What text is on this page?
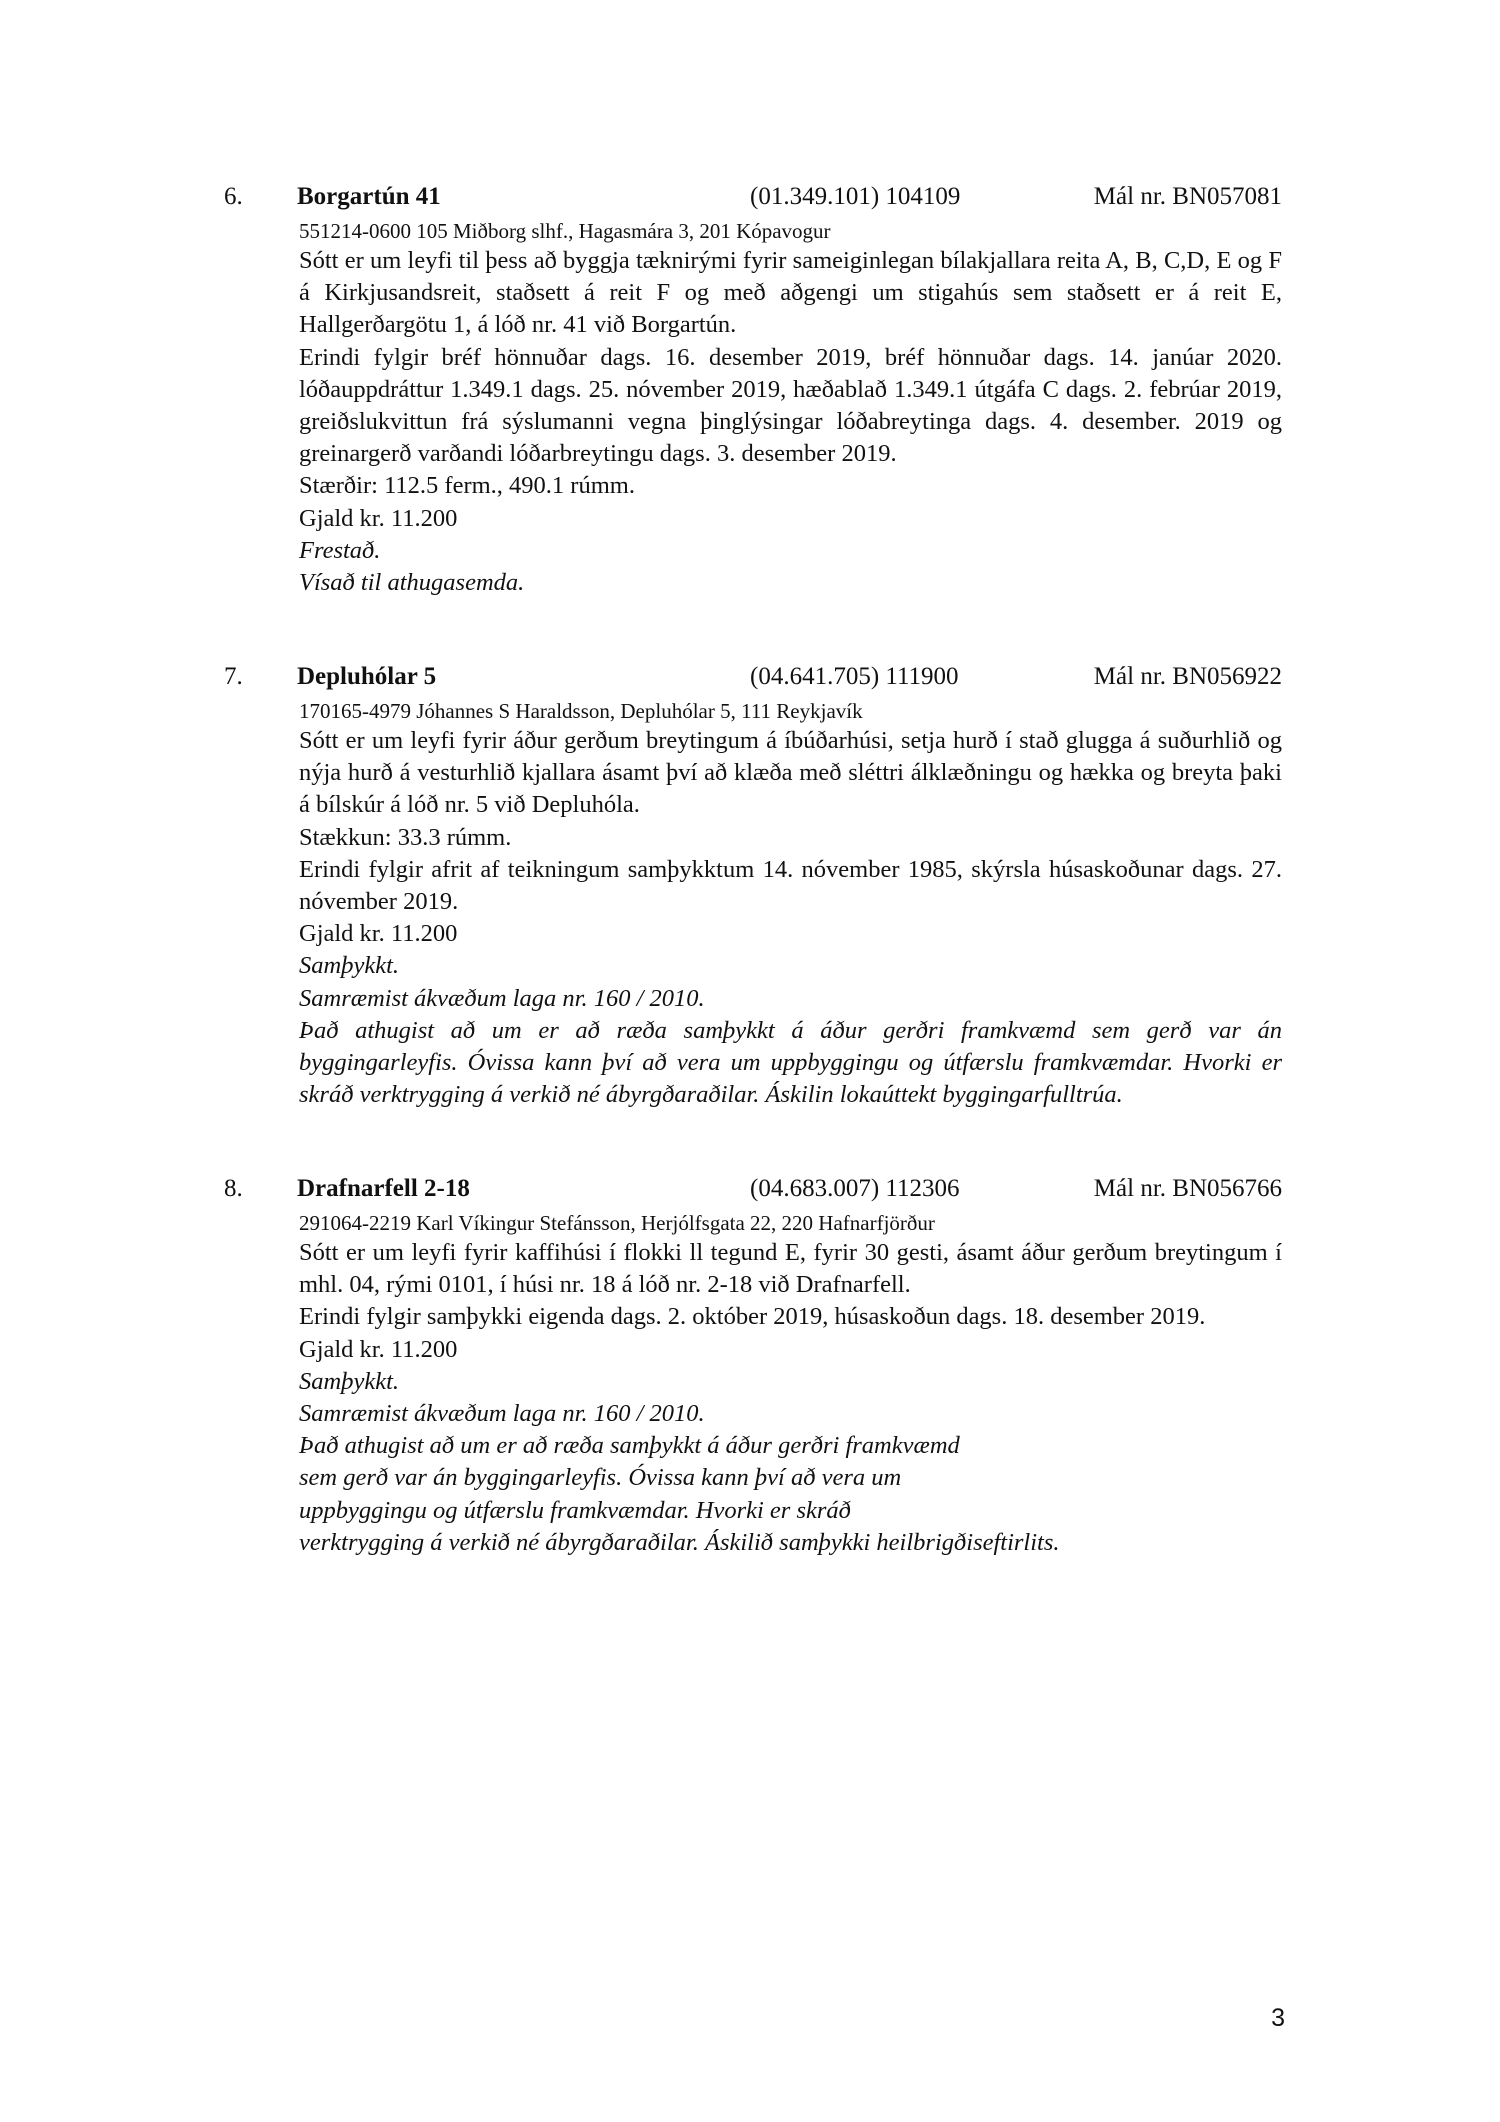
6. Borgartún 41	(01.349.101) 104109	Mál nr. BN057081

551214-0600 105 Miðborg slhf., Hagasmára 3, 201 Kópavogur

Sótt er um leyfi til þess að byggja tæknirými fyrir sameiginlegan bílakjallara reita A, B, C,D, E og F á Kirkjusandsreit, staðsett á reit F og með aðgengi um stigahús sem staðsett er á reit E, Hallgerðargötu 1, á lóð nr. 41 við Borgartún.

Erindi fylgir bréf hönnuðar dags. 16. desember 2019, bréf hönnuðar dags. 14. janúar 2020. lóðauppdráttur 1.349.1 dags. 25. nóvember 2019, hæðablað 1.349.1 útgáfa C dags. 2. febrúar 2019, greiðslukvittun frá sýslumanni vegna þinglýsingar lóðabreytinga dags. 4. desember. 2019 og greinargerð varðandi lóðarbreytingu dags. 3. desember 2019.

Stærðir: 112.5 ferm., 490.1 rúmm.

Gjald kr. 11.200

Frestað.

Vísað til athugasemda.

7. Depluhólar 5	(04.641.705) 111900	Mál nr. BN056922

170165-4979 Jóhannes S Haraldsson, Depluhólar 5, 111 Reykjavík

Sótt er um leyfi fyrir áður gerðum breytingum á íbúðarhúsi, setja hurð í stað glugga á suðurhlið og nýja hurð á vesturhlið kjallara ásamt því að klæða með sléttri álklæðningu og hækka og breyta þaki á bílskúr á lóð nr. 5 við Depluhóla.

Stækkun: 33.3 rúmm.

Erindi fylgir afrit af teikningum samþykktum 14. nóvember 1985, skýrsla húsaskoðunar dags. 27. nóvember 2019.

Gjald kr. 11.200

Samþykkt.

Samræmist ákvæðum laga nr. 160 / 2010.

Það athugist að um er að ræða samþykkt á áður gerðri framkvæmd sem gerð var án byggingarleyfis. Óvissa kann því að vera um uppbyggingu og útfærslu framkvæmdar. Hvorki er skráð verktrygging á verkið né ábyrgðaraðilar. Áskilin lokaúttekt byggingarfulltrúa.

8. Drafnarfell 2-18	(04.683.007) 112306	Mál nr. BN056766

291064-2219 Karl Víkingur Stefánsson, Herjólfsgata 22, 220 Hafnarfjörður

Sótt er um leyfi fyrir kaffihúsi í flokki ll tegund E, fyrir 30 gesti, ásamt áður gerðum breytingum í mhl. 04, rými 0101, í húsi nr. 18 á lóð nr. 2-18 við Drafnarfell.

Erindi fylgir samþykki eigenda dags. 2. október 2019, húsaskoðun dags. 18. desember 2019.

Gjald kr. 11.200

Samþykkt.

Samræmist ákvæðum laga nr. 160 / 2010.

Það athugist að um er að ræða samþykkt á áður gerðri framkvæmd

sem gerð var án byggingarleyfis. Óvissa kann því að vera um

uppbyggingu og útfærslu framkvæmdar. Hvorki er skráð

verktrygging á verkið né ábyrgðaraðilar. Áskilið samþykki heilbrigðiseftirlits.

3
